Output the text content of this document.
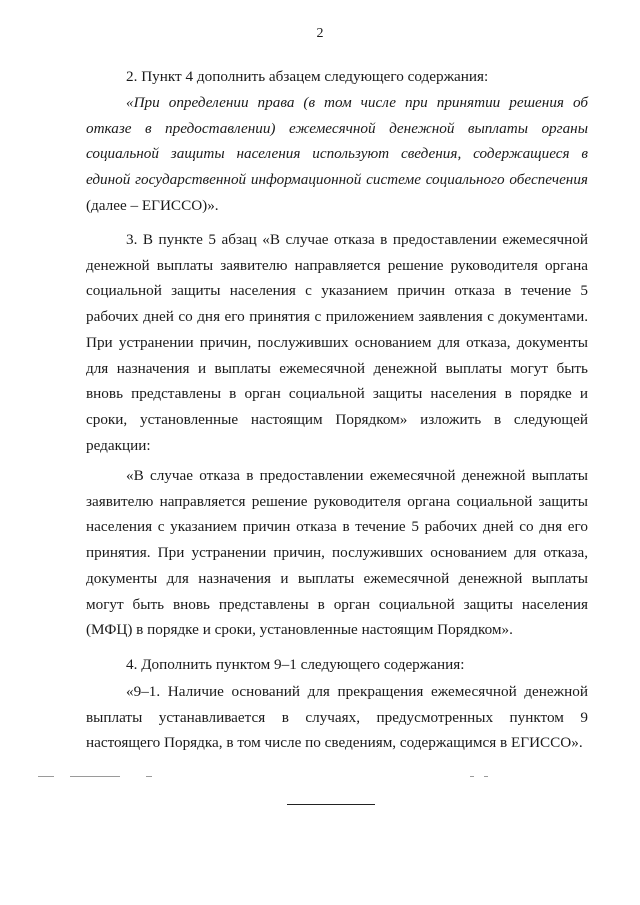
2

2. Пункт 4 дополнить абзацем следующего содержания:

«При определении права (в том числе при принятии решения об отказе в предоставлении) ежемесячной денежной выплаты органы социальной защиты населения используют сведения, содержащиеся в единой государственной информационной системе социального обеспечения (далее – ЕГИССО)».

3. В пункте 5 абзац «В случае отказа в предоставлении ежемесячной денежной выплаты заявителю направляется решение руководителя органа социальной защиты населения с указанием причин отказа в течение 5 рабочих дней со дня его принятия с приложением заявления с документами. При устранении причин, послуживших основанием для отказа, документы для назначения и выплаты ежемесячной денежной выплаты могут быть вновь представлены в орган социальной защиты населения в порядке и сроки, установленные настоящим Порядком» изложить в следующей редакции:

«В случае отказа в предоставлении ежемесячной денежной выплаты заявителю направляется решение руководителя органа социальной защиты населения с указанием причин отказа в течение 5 рабочих дней со дня его принятия. При устранении причин, послуживших основанием для отказа, документы для назначения и выплаты ежемесячной денежной выплаты могут быть вновь представлены в орган социальной защиты населения (МФЦ) в порядке и сроки, установленные настоящим Порядком».

4. Дополнить пунктом 9–1 следующего содержания:

«9–1. Наличие оснований для прекращения ежемесячной денежной выплаты устанавливается в случаях, предусмотренных пунктом 9 настоящего Порядка, в том числе по сведениям, содержащимся в ЕГИССО».
